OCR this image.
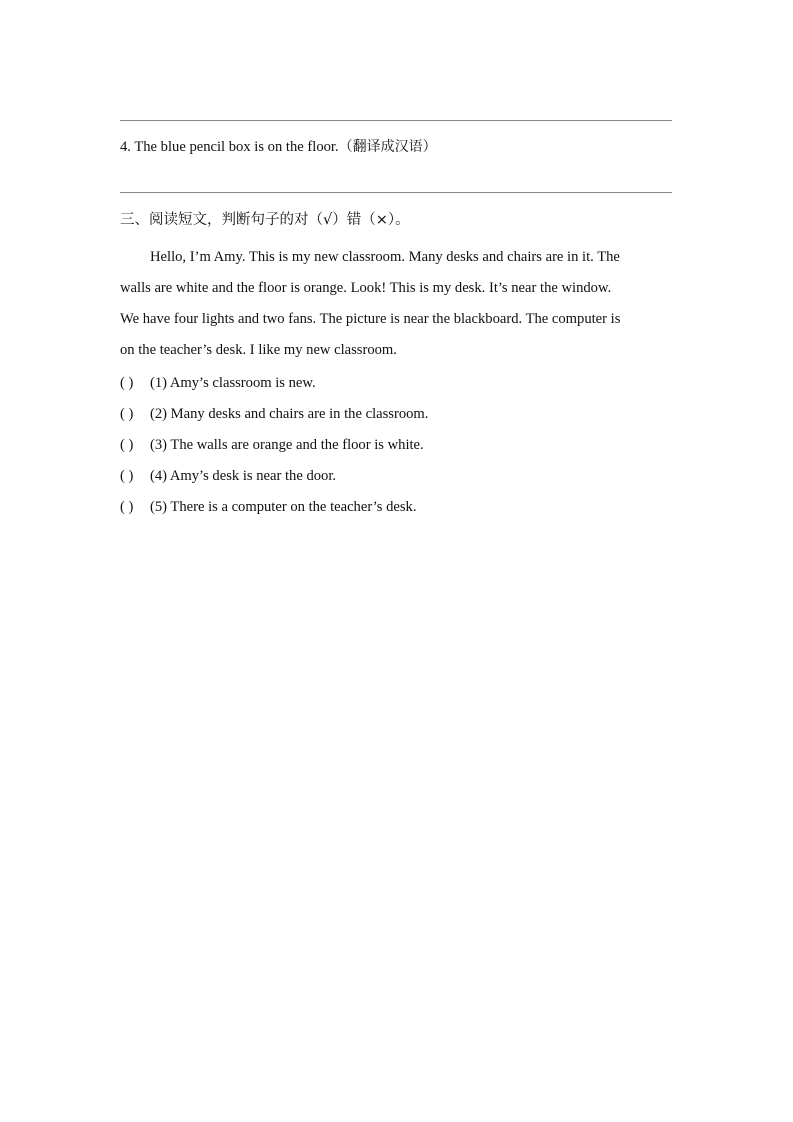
4. The blue pencil box is on the floor.（翻译成汉语）
三、阅读短文，判断句子的对（√）错（×）。
Hello, I’m Amy. This is my new classroom. Many desks and chairs are in it. The
walls are white and the floor is orange. Look! This is my desk. It’s near the window.
We have four lights and two fans. The picture is near the blackboard. The computer is
on the teacher’s desk. I like my new classroom.
( ) (1) Amy’s classroom is new.
( ) (2) Many desks and chairs are in the classroom.
( ) (3) The walls are orange and the floor is white.
( ) (4) Amy’s desk is near the door.
( ) (5) There is a computer on the teacher’s desk.
